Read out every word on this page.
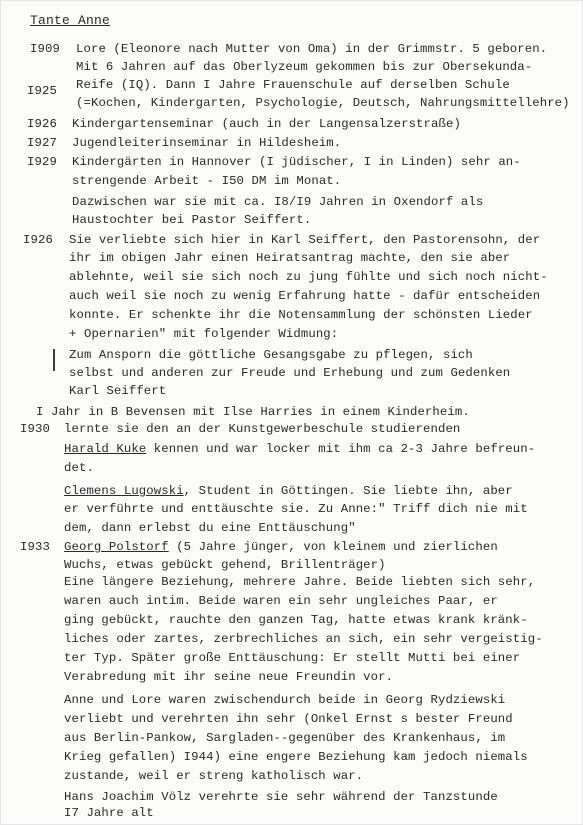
Tante Anne
I909
I925
I926
I927
I929
I926
I930
I933
Lore (Eleonore nach Mutter von Oma) in der Grimmstr. 5 geboren.
Mit 6 Jahren auf das Oberlyzeum gekommen bis zur Obersekunda-
Reife (IQ). Dann I Jahre Frauenschule auf derselben Schule
(=Kochen, Kindergarten, Psychologie, Deutsch, Nahrungsmittellehre)
Kindergartenseminar (auch in der Langensalzerstraße)
Jugendleiterinseminar in Hildesheim.
Kindergärten in Hannover (I jüdischer, I in Linden) sehr an-
strengende Arbeit - I50 DM im Monat.
Dazwischen war sie mit ca. I8/I9 Jahren in Oxendorf als
Haustochter bei Pastor Seiffert.
Sie verliebte sich hier in Karl Seiffert, den Pastorensohn, der
ihr im obigen Jahr einen Heiratsantrag machte, den sie aber
ablehnte, weil sie sich noch zu jung fühlte und sich noch nicht-
auch weil sie noch zu wenig Erfahrung hatte - dafür entscheiden
konnte. Er schenkte ihr die Notensammlung der schönsten Lieder
+ Opernarien" mit folgender Widmung:
Zum Ansporn die göttliche Gesangsgabe zu pflegen, sich
selbst und anderen zur Freude und Erhebung und zum Gedenken
Karl Seiffert
I Jahr in B Bevensen mit Ilse Harries in einem Kinderheim.
lernte sie den an der Kunstgewerbeschule studierenden
Harald Kuke kennen und war locker mit ihm ca 2-3 Jahre befreun-
det.
Clemens Lugowski, Student in Göttingen. Sie liebte ihn, aber
er verführte und enttäuschte sie. Zu Anne:" Triff dich nie mit
dem, dann erlebst du eine Enttäuschung"
Georg Polstorf (5 Jahre jünger, von kleinem und zierlichen
Wuchs, etwas gebückt gehend, Brillenträger)
Eine längere Beziehung, mehrere Jahre. Beide liebten sich sehr,
waren auch intim. Beide waren ein sehr ungleiches Paar, er
ging gebückt, rauchte den ganzen Tag, hatte etwas krank kränk-
liches oder zartes, zerbrechliches an sich, ein sehr vergeistig-
ter Typ. Später große Enttäuschung: Er stellt Mutti bei einer
Verabredung mit ihr seine neue Freundin vor.
Anne und Lore waren zwischendurch beide in Georg Rydziewski
verliebt und verehrten ihn sehr (Onkel Ernst s bester Freund
aus Berlin-Pankow, Sargladen--gegenüber des Krankenhaus, im
Krieg gefallen) I944) eine engere Beziehung kam jedoch niemals
zustande, weil er streng katholisch war.
Hans Joachim Völz verehrte sie sehr während der Tanzstunde
I7 Jahre alt
